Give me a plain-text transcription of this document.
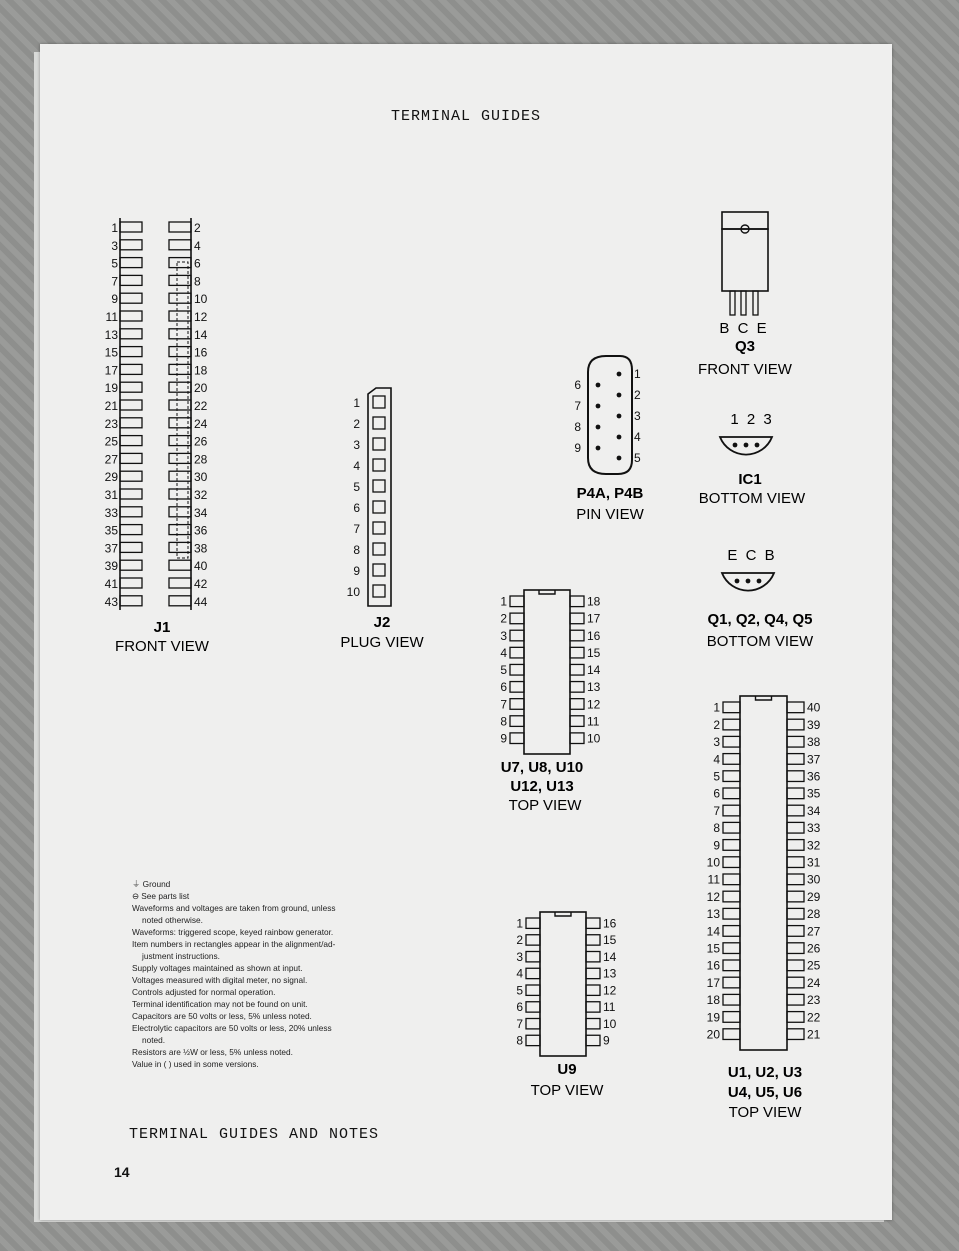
TERMINAL GUIDES
1	2
3	4
5	6
7	8
9	10
11	12
13	14
15	16
17	18
19	20
21	22
23	24
25	26
27	28
29	30
31	32
33	34
35	36
37	38
39	40
41	42
43	44
1
2
3
4
5
6
7
8
9
10
1
2
3
4
5
6
7
8
9
1	18
2	17
3	16
4	15
5	14
6	13
7	12
8	11
9	10
1	16
2	15
3	14
4	13
5	12
6	11
7	10
8	9
1	40
2	39
3	38
4	37
5	36
6	35
7	34
8	33
9	32
10	31
11	30
12	29
13	28
14	27
15	26
16	25
17	24
18	23
19	22
20	21
J1
FRONT VIEW
J2
PLUG VIEW
P4A, P4B
PIN VIEW
B C E
Q3
FRONT VIEW
1 2 3
IC1
BOTTOM VIEW
E C B
Q1, Q2, Q4, Q5
BOTTOM VIEW
U7, U8, U10
U12, U13
TOP VIEW
U9
TOP VIEW
U1, U2, U3
U4, U5, U6
TOP VIEW

⏚ Ground

⊖ See parts list

Waveforms and voltages are taken from ground, unless

noted otherwise.

Waveforms: triggered scope, keyed rainbow generator.

Item numbers in rectangles appear in the alignment/ad-

justment instructions.

Supply voltages maintained as shown at input.

Voltages measured with digital meter, no signal.

Controls adjusted for normal operation.

Terminal identification may not be found on unit.

Capacitors are 50 volts or less, 5% unless noted.

Electrolytic capacitors are 50 volts or less, 20% unless

noted.

Resistors are ½W or less, 5% unless noted.

Value in ( ) used in some versions.

TERMINAL GUIDES AND NOTES
14
